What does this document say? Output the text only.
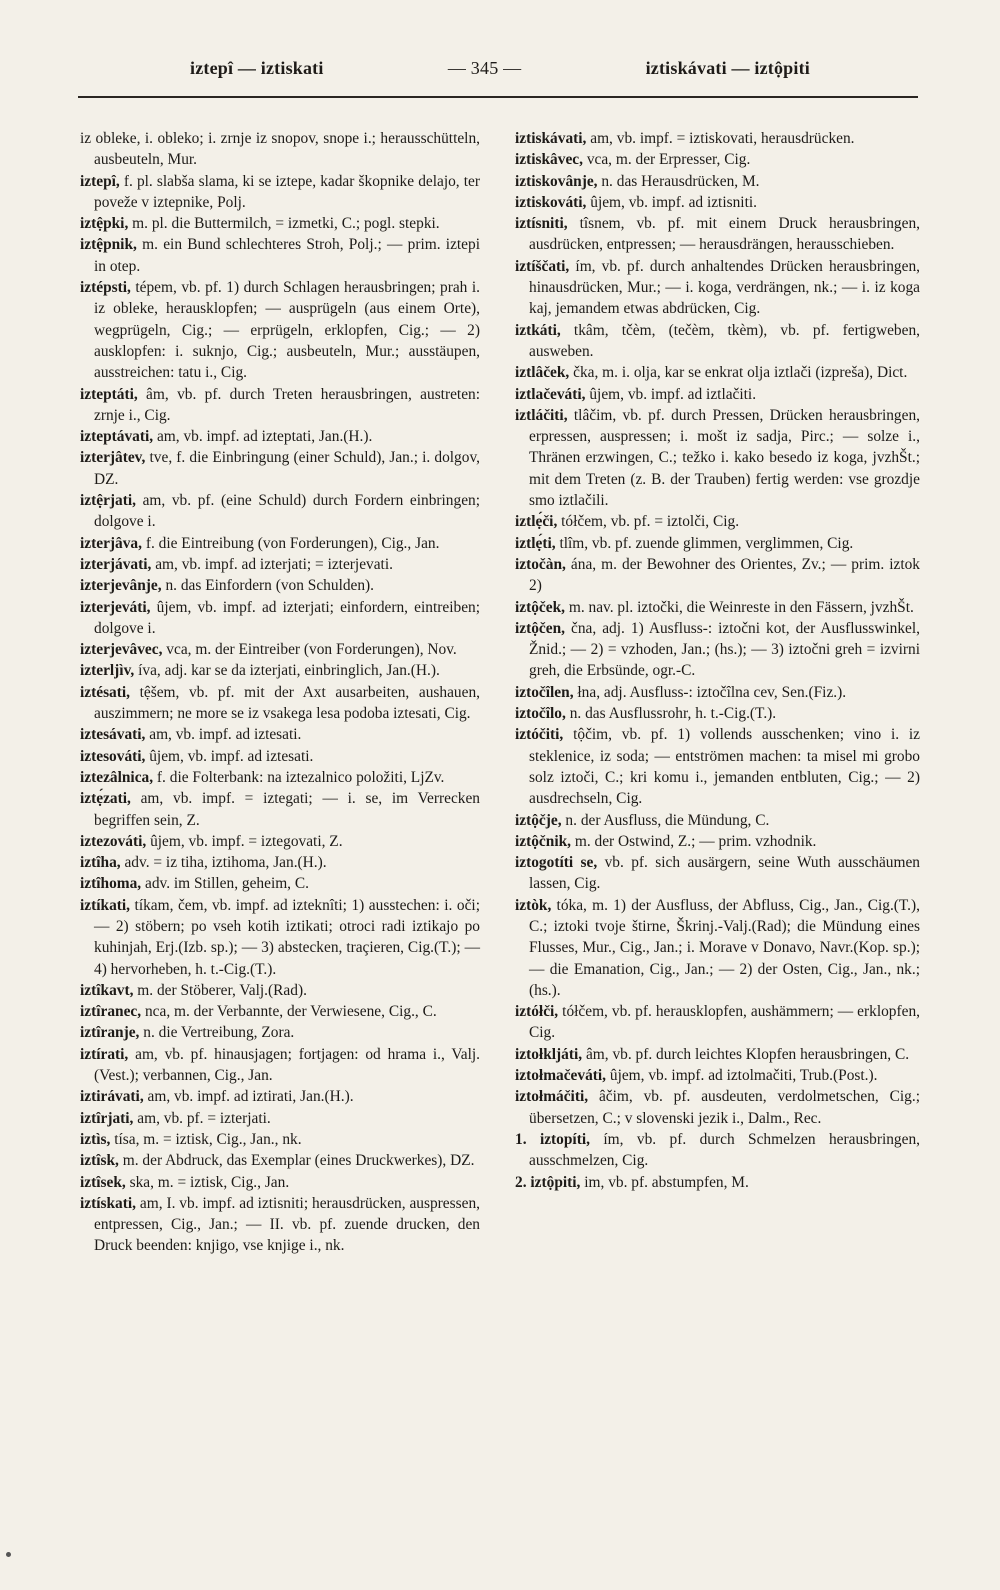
iztepî — iztiskati	— 345 —	iztiskávati — iztộpiti

iz obleke, i. obleko; i. zrnje iz snopov, snope i.; herausschütteln, ausbeuteln, Mur.

iztepî, f. pl. slabša slama, ki se iztepe, kadar škopnike delajo, ter poveže v iztepnike, Polj.

iztệpki, m. pl. die Buttermilch, = izmetki, C.; pogl. stepki.

iztệpnik, m. ein Bund schlechteres Stroh, Polj.; — prim. iztepi in otep.

iztépsti, tépem, vb. pf. 1) durch Schlagen herausbringen; prah i. iz obleke, herausklopfen; — ausprügeln (aus einem Orte), wegprügeln, Cig.; — erprügeln, erklopfen, Cig.; — 2) ausklopfen: i. suknjo, Cig.; ausbeuteln, Mur.; ausstäupen, ausstreichen: tatu i., Cig.

izteptáti, âm, vb. pf. durch Treten herausbringen, austreten: zrnje i., Cig.

izteptávati, am, vb. impf. ad izteptati, Jan.(H.).

izterjâtev, tve, f. die Einbringung (einer Schuld), Jan.; i. dolgov, DZ.

iztệrjati, am, vb. pf. (eine Schuld) durch Fordern einbringen; dolgove i.

izterjâva, f. die Eintreibung (von Forderungen), Cig., Jan.

izterjávati, am, vb. impf. ad izterjati; = izterjevati.

izterjevânje, n. das Einfordern (von Schulden).

izterjeváti, ûjem, vb. impf. ad izterjati; einfordern, eintreiben; dolgove i.

izterjevâvec, vca, m. der Eintreiber (von Forderungen), Nov.

izterljìv, íva, adj. kar se da izterjati, einbringlich, Jan.(H.).

iztésati, tệšem, vb. pf. mit der Axt ausarbeiten, aushauen, auszimmern; ne more se iz vsakega lesa podoba iztesati, Cig.

iztesávati, am, vb. impf. ad iztesati.

iztesováti, ûjem, vb. impf. ad iztesati.

iztezâlnica, f. die Folterbank: na iztezalnico položiti, LjZv.

iztẹ́zati, am, vb. impf. = iztegati; — i. se, im Verrecken begriffen sein, Z.

iztezováti, ûjem, vb. impf. = iztegovati, Z.

iztîha, adv. = iz tiha, iztihoma, Jan.(H.).

iztîhoma, adv. im Stillen, geheim, C.

iztíkati, tíkam, čem, vb. impf. ad izteknîti; 1) ausstechen: i. oči; — 2) stöbern; po vseh kotih iztikati; otroci radi iztikajo po kuhinjah, Erj.(Izb. sp.); — 3) abstecken, traçieren, Cig.(T.); — 4) hervorheben, h. t.-Cig.(T.).

iztîkavt, m. der Stöberer, Valj.(Rad).

iztîranec, nca, m. der Verbannte, der Verwiesene, Cig., C.

iztîranje, n. die Vertreibung, Zora.

iztírati, am, vb. pf. hinausjagen; fortjagen: od hrama i., Valj.(Vest.); verbannen, Cig., Jan.

iztirávati, am, vb. impf. ad iztirati, Jan.(H.).

iztîrjati, am, vb. pf. = izterjati.

iztìs, tísa, m. = iztisk, Cig., Jan., nk.

iztîsk, m. der Abdruck, das Exemplar (eines Druckwerkes), DZ.

iztîsek, ska, m. = iztisk, Cig., Jan.

iztískati, am, I. vb. impf. ad iztisniti; herausdrücken, auspressen, entpressen, Cig., Jan.; — II. vb. pf. zuende drucken, den Druck beenden: knjigo, vse knjige i., nk.

iztiskávati, am, vb. impf. = iztiskovati, herausdrücken.

iztiskâvec, vca, m. der Erpresser, Cig.

iztiskovânje, n. das Herausdrücken, M.

iztiskováti, ûjem, vb. impf. ad iztisniti.

iztísniti, tîsnem, vb. pf. mit einem Druck herausbringen, ausdrücken, entpressen; — herausdrängen, herausschieben.

iztíščati, ím, vb. pf. durch anhaltendes Drücken herausbringen, hinausdrücken, Mur.; — i. koga, verdrängen, nk.; — i. iz koga kaj, jemandem etwas abdrücken, Cig.

iztkáti, tkâm, tčèm, (tečèm, tkèm), vb. pf. fertigweben, ausweben.

iztlâček, čka, m. i. olja, kar se enkrat olja iztlači (izpreša), Dict.

iztlačeváti, ûjem, vb. impf. ad iztlačiti.

iztláčiti, tlâčim, vb. pf. durch Pressen, Drücken herausbringen, erpressen, auspressen; i. mošt iz sadja, Pirc.; — solze i., Thränen erzwingen, C.; težko i. kako besedo iz koga, jvzhŠt.; mit dem Treten (z. B. der Trauben) fertig werden: vse grozdje smo iztlačili.

iztlẹ́či, tółčem, vb. pf. = iztolči, Cig.

iztlẹ́ti, tlîm, vb. pf. zuende glimmen, verglimmen, Cig.

iztočàn, ána, m. der Bewohner des Orientes, Zv.; — prim. iztok 2)

iztộček, m. nav. pl. iztočki, die Weinreste in den Fässern, jvzhŠt.

iztộčen, čna, adj. 1) Ausfluss-: iztočni kot, der Ausflusswinkel, Žnid.; — 2) = vzhoden, Jan.; (hs.); — 3) iztočni greh = izvirni greh, die Erbsünde, ogr.-C.

iztočîlen, łna, adj. Ausfluss-: iztočîlna cev, Sen.(Fiz.).

iztočîlo, n. das Ausflussrohr, h. t.-Cig.(T.).

iztóčiti, tộčim, vb. pf. 1) vollends ausschenken; vino i. iz steklenice, iz soda; — entströmen machen: ta misel mi grobo solz iztoči, C.; kri komu i., jemanden entbluten, Cig.; — 2) ausdrechseln, Cig.

iztộčje, n. der Ausfluss, die Mündung, C.

iztộčnik, m. der Ostwind, Z.; — prim. vzhodnik.

iztogotíti se, vb. pf. sich ausärgern, seine Wuth ausschäumen lassen, Cig.

iztòk, tóka, m. 1) der Ausfluss, der Abfluss, Cig., Jan., Cig.(T.), C.; iztoki tvoje štirne, Škrinj.-Valj.(Rad); die Mündung eines Flusses, Mur., Cig., Jan.; i. Morave v Donavo, Navr.(Kop. sp.); — die Emanation, Cig., Jan.; — 2) der Osten, Cig., Jan., nk.; (hs.).

iztółči, tółčem, vb. pf. herausklopfen, aushämmern; — erklopfen, Cig.

iztołkljáti, âm, vb. pf. durch leichtes Klopfen herausbringen, C.

iztołmačeváti, ûjem, vb. impf. ad iztolmačiti, Trub.(Post.).

iztołmáčiti, âčim, vb. pf. ausdeuten, verdolmetschen, Cig.; übersetzen, C.; v slovenski jezik i., Dalm., Rec.

1. iztopíti, ím, vb. pf. durch Schmelzen herausbringen, ausschmelzen, Cig.

2. iztộpiti, im, vb. pf. abstumpfen, M.
